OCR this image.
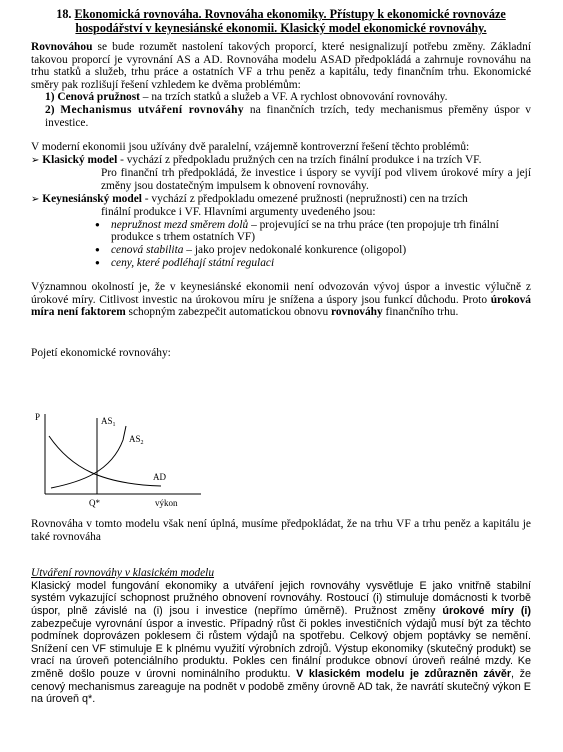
18. Ekonomická rovnováha. Rovnováha ekonomiky. Přístupy k ekonomické rovnováze
hospodářství v keynesiánské ekonomii. Klasický model ekonomické rovnováhy.

Rovnováhou se bude rozumět nastolení takových proporcí, které nesignalizují potřebu změny. Základní takovou proporcí je vyrovnání AS a AD. Rovnováha modelu ASAD předpokládá a zahrnuje rovnováhu na trhu statků a služeb, trhu práce a ostatních VF a trhu peněz a kapitálu, tedy finančním trhu. Ekonomické směry pak rozlišují řešení vzhledem ke dvěma problémům:

1) Cenová pružnost – na trzích statků a služeb a VF. A rychlost obnovování rovnováhy.
2) Mechanismus utváření rovnováhy na finančních trzích, tedy mechanismus přeměny úspor v investice.

V moderní ekonomii jsou užívány dvě paralelní, vzájemně kontroverzní řešení těchto problémů:

➢ Klasický model - vychází z předpokladu pružných cen na trzích finální produkce i na trzích VF.
Pro finanční trh předpokládá, že investice i úspory se vyvíjí pod vlivem úrokové míry a její změny jsou dostatečným impulsem k obnovení rovnováhy.
➢ Keynesiánský model - vychází z předpokladu omezené pružnosti (nepružnosti) cen na trzích
finální produkce i VF. Hlavními argumenty uvedeného jsou:
● nepružnost mezd směrem dolů – projevující se na trhu práce (ten propojuje trh finální produkce s trhem ostatních VF)
● cenová stabilita – jako projev nedokonalé konkurence (oligopol)
● ceny, které podléhají státní regulaci

Významnou okolností je, že v keynesiánské ekonomii není odvozován vývoj úspor a investic výlučně z úrokové míry. Citlivost investic na úrokovou míru je snížena a úspory jsou funkcí důchodu. Proto úroková míra není faktorem schopným zabezpečit automatickou obnovu rovnováhy finančního trhu.

Pojetí ekonomické rovnováhy:

P	$AS_1$
$AS_2$
AD
Q*	výkon

Rovnováha v tomto modelu však není úplná, musíme předpokládat, že na trhu VF a trhu peněz a kapitálu je také rovnováha

Utváření rovnováhy v klasickém modelu

Klasický model fungování ekonomiky a utváření jejich rovnováhy vysvětluje E jako vnitřně stabilní systém vykazující schopnost pružného obnovení rovnováhy. Rostoucí (i) stimuluje domácnosti k tvorbě úspor, plně závislé na (i) jsou i investice (nepřímo úměrně). Pružnost změny úrokové míry (i) zabezpečuje vyrovnání úspor a investic. Případný růst či pokles investičních výdajů musí být za těchto podmínek doprovázen poklesem či růstem výdajů na spotřebu. Celkový objem poptávky se nemění. Snížení cen VF stimuluje E k plnému využití výrobních zdrojů. Výstup ekonomiky (skutečný produkt) se vrací na úroveň potenciálního produktu. Pokles cen finální produkce obnoví úroveň reálné mzdy. Ke změně došlo pouze v úrovni nominálního produktu. V klasickém modelu je zdůrazněn závěr, že cenový mechanismus zareaguje na podnět v podobě změny úrovně AD tak, že navrátí skutečný výkon E na úroveň q*.
